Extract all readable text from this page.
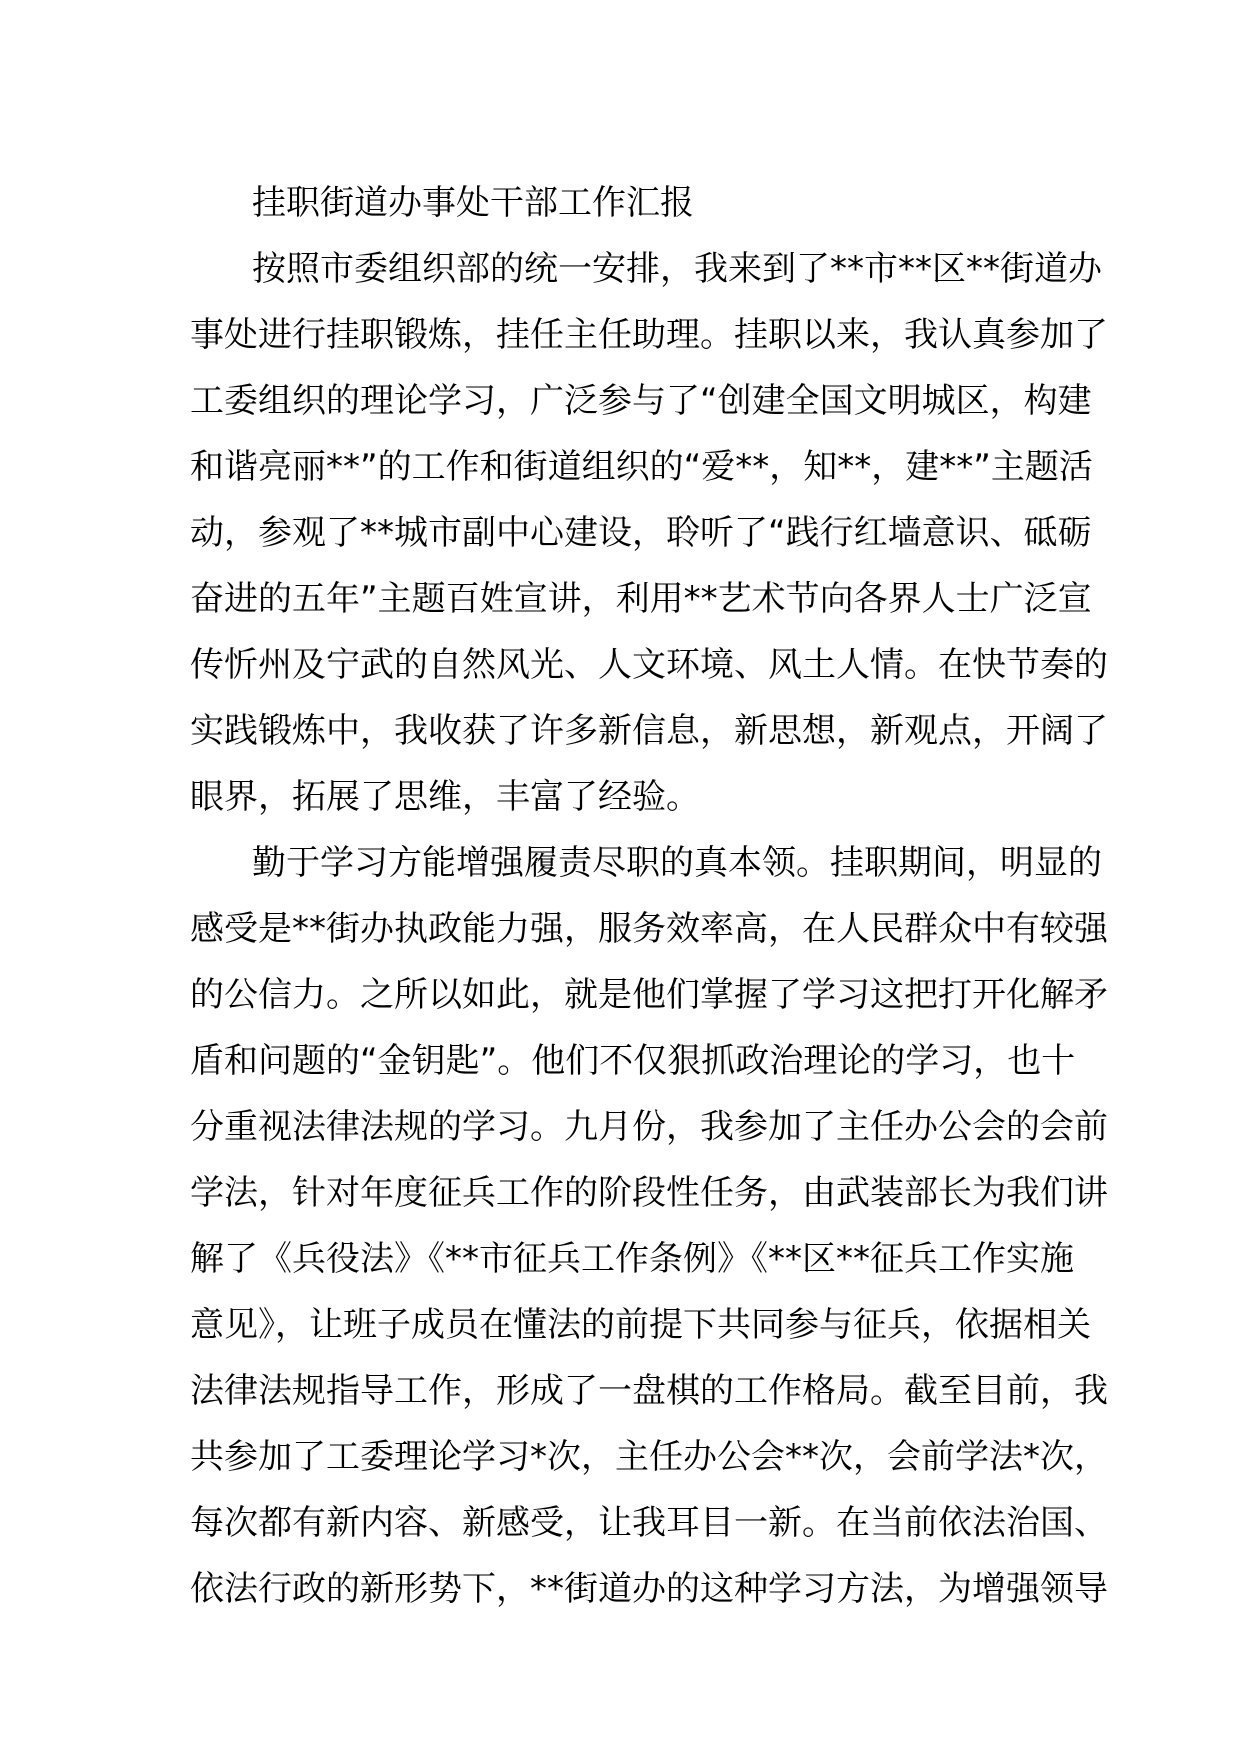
挂职街道办事处干部工作汇报
按照市委组织部的统一安排，我来到了**市**区**街道办
事处进行挂职锻炼，挂任主任助理。挂职以来，我认真参加了
工委组织的理论学习，广泛参与了“创建全国文明城区，构建
和谐亮丽**”的工作和街道组织的“爱**，知**，建**”主题活
动，参观了**城市副中心建设，聆听了“践行红墙意识、砥砺
奋进的五年”主题百姓宣讲，利用**艺术节向各界人士广泛宣
传忻州及宁武的自然风光、人文环境、风土人情。在快节奏的
实践锻炼中，我收获了许多新信息，新思想，新观点，开阔了
眼界，拓展了思维，丰富了经验。
勤于学习方能增强履责尽职的真本领。挂职期间，明显的
感受是**街办执政能力强，服务效率高，在人民群众中有较强
的公信力。之所以如此，就是他们掌握了学习这把打开化解矛
盾和问题的“金钥匙”。他们不仅狠抓政治理论的学习，也十
分重视法律法规的学习。九月份，我参加了主任办公会的会前
学法，针对年度征兵工作的阶段性任务，由武装部长为我们讲
解了《兵役法》《**市征兵工作条例》《**区**征兵工作实施
意见》，让班子成员在懂法的前提下共同参与征兵，依据相关
法律法规指导工作，形成了一盘棋的工作格局。截至目前，我
共参加了工委理论学习*次，主任办公会**次，会前学法*次，
每次都有新内容、新感受，让我耳目一新。在当前依法治国、
依法行政的新形势下，**街道办的这种学习方法，为增强领导
